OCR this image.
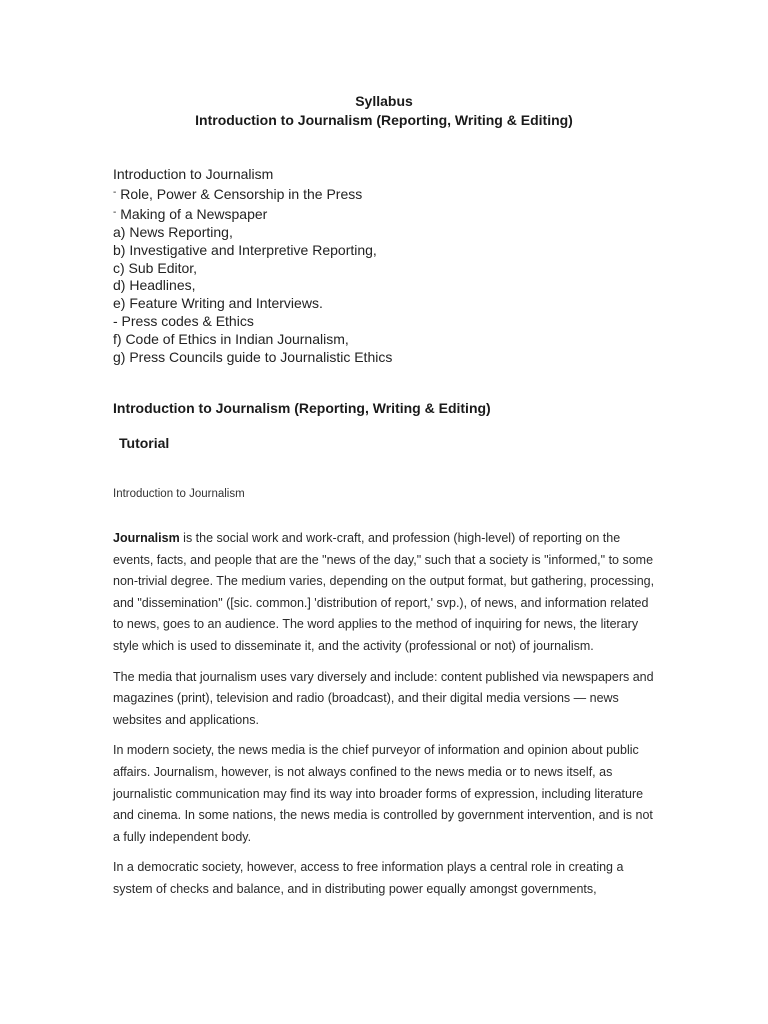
Syllabus
Introduction to Journalism (Reporting, Writing & Editing)
Introduction to Journalism
- Role, Power & Censorship in the Press
- Making of a Newspaper
a) News Reporting,
b) Investigative and Interpretive Reporting,
c) Sub Editor,
d) Headlines,
e) Feature Writing and Interviews.
- Press codes & Ethics
f) Code of Ethics in Indian Journalism,
g) Press Councils guide to Journalistic Ethics
Introduction to Journalism (Reporting, Writing & Editing)
Tutorial
Introduction to Journalism

Journalism is the social work and work-craft, and profession (high-level) of reporting on the events, facts, and people that are the "news of the day," such that a society is "informed," to some non-trivial degree. The medium varies, depending on the output format, but gathering, processing, and "dissemination" ([sic. common.] 'distribution of report,' svp.), of news, and information related to news, goes to an audience. The word applies to the method of inquiring for news, the literary style which is used to disseminate it, and the activity (professional or not) of journalism.

The media that journalism uses vary diversely and include: content published via newspapers and magazines (print), television and radio (broadcast), and their digital media versions — news websites and applications.

In modern society, the news media is the chief purveyor of information and opinion about public affairs. Journalism, however, is not always confined to the news media or to news itself, as journalistic communication may find its way into broader forms of expression, including literature and cinema. In some nations, the news media is controlled by government intervention, and is not a fully independent body.

In a democratic society, however, access to free information plays a central role in creating a system of checks and balance, and in distributing power equally amongst governments,
